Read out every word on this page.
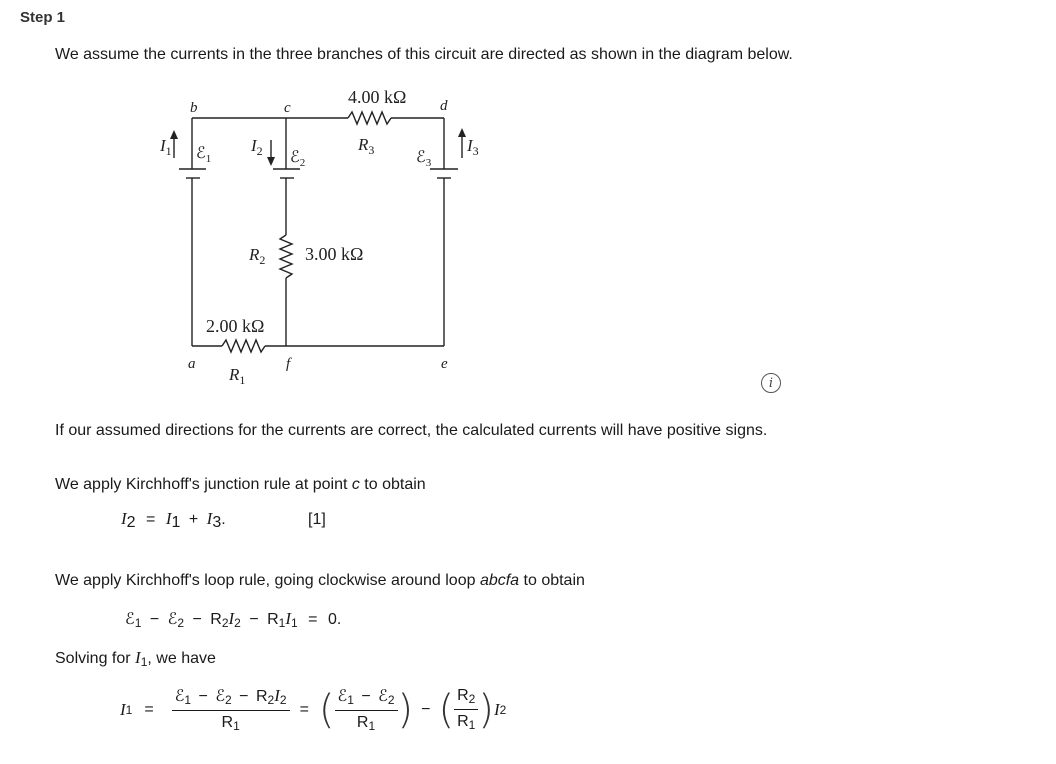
Step 1
We assume the currents in the three branches of this circuit are directed as shown in the diagram below.
4.00 kΩ
$R_3$
3.00 kΩ
$R_2$
2.00 kΩ
$R_1$
b	c	d
a	f	e
$I_1$	$I_2$	$I_3$
ℰ$_1$	ℰ$_2$	ℰ$_3$
i
If our assumed directions for the currents are correct, the calculated currents will have positive signs.
We apply Kirchhoff's junction rule at point c to obtain
$I_2 = I_1 + I_3$.	[1]
We apply Kirchhoff's loop rule, going clockwise around loop abcfa to obtain
ℰ$_1$ − ℰ$_2$ − $R_2I_2 - R_1I_1 = 0$.
Solving for $I_1$, we have
I $1 = \frac{ℰ_1 - ℰ_2 - R_2I_2}{R_1}$ = ( $\frac{ℰ_1 - ℰ_2}{R_1}$ ) − ( $\frac{R_2}{R_1}$ ) I 2
